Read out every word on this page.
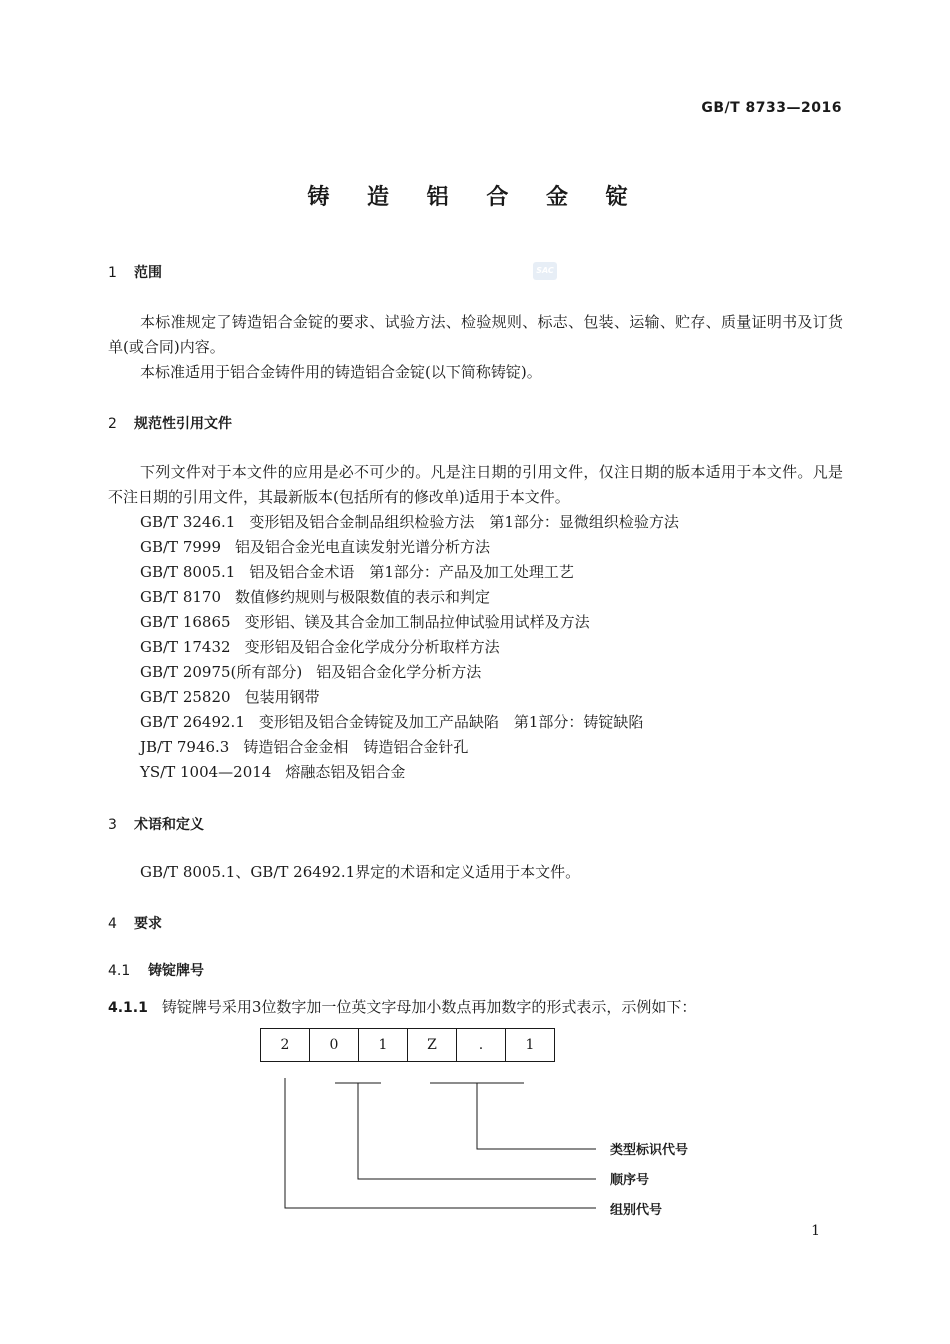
GB/T 8733—2016
铸 造 铝 合 金 锭
SAC
1 范围
本标准规定了铸造铝合金锭的要求、试验方法、检验规则、标志、包装、运输、贮存、质量证明书及订货单(或合同)内容。
本标准适用于铝合金铸件用的铸造铝合金锭(以下简称铸锭)。
2 规范性引用文件
下列文件对于本文件的应用是必不可少的。凡是注日期的引用文件，仅注日期的版本适用于本文件。凡是不注日期的引用文件，其最新版本(包括所有的修改单)适用于本文件。
GB/T 3246.1 变形铝及铝合金制品组织检验方法　第1部分：显微组织检验方法
GB/T 7999 铝及铝合金光电直读发射光谱分析方法
GB/T 8005.1 铝及铝合金术语　第1部分：产品及加工处理工艺
GB/T 8170 数值修约规则与极限数值的表示和判定
GB/T 16865 变形铝、镁及其合金加工制品拉伸试验用试样及方法
GB/T 17432 变形铝及铝合金化学成分分析取样方法
GB/T 20975(所有部分) 铝及铝合金化学分析方法
GB/T 25820 包装用钢带
GB/T 26492.1 变形铝及铝合金铸锭及加工产品缺陷　第1部分：铸锭缺陷
JB/T 7946.3 铸造铝合金金相　铸造铝合金针孔
YS/T 1004—2014 熔融态铝及铝合金
3 术语和定义
GB/T 8005.1、GB/T 26492.1界定的术语和定义适用于本文件。
4 要求
4.1 铸锭牌号
4.1.1 铸锭牌号采用3位数字加一位英文字母加小数点再加数字的形式表示，示例如下：
2	0	1	Z	.	1
类型标识代号
顺序号
组别代号
1
